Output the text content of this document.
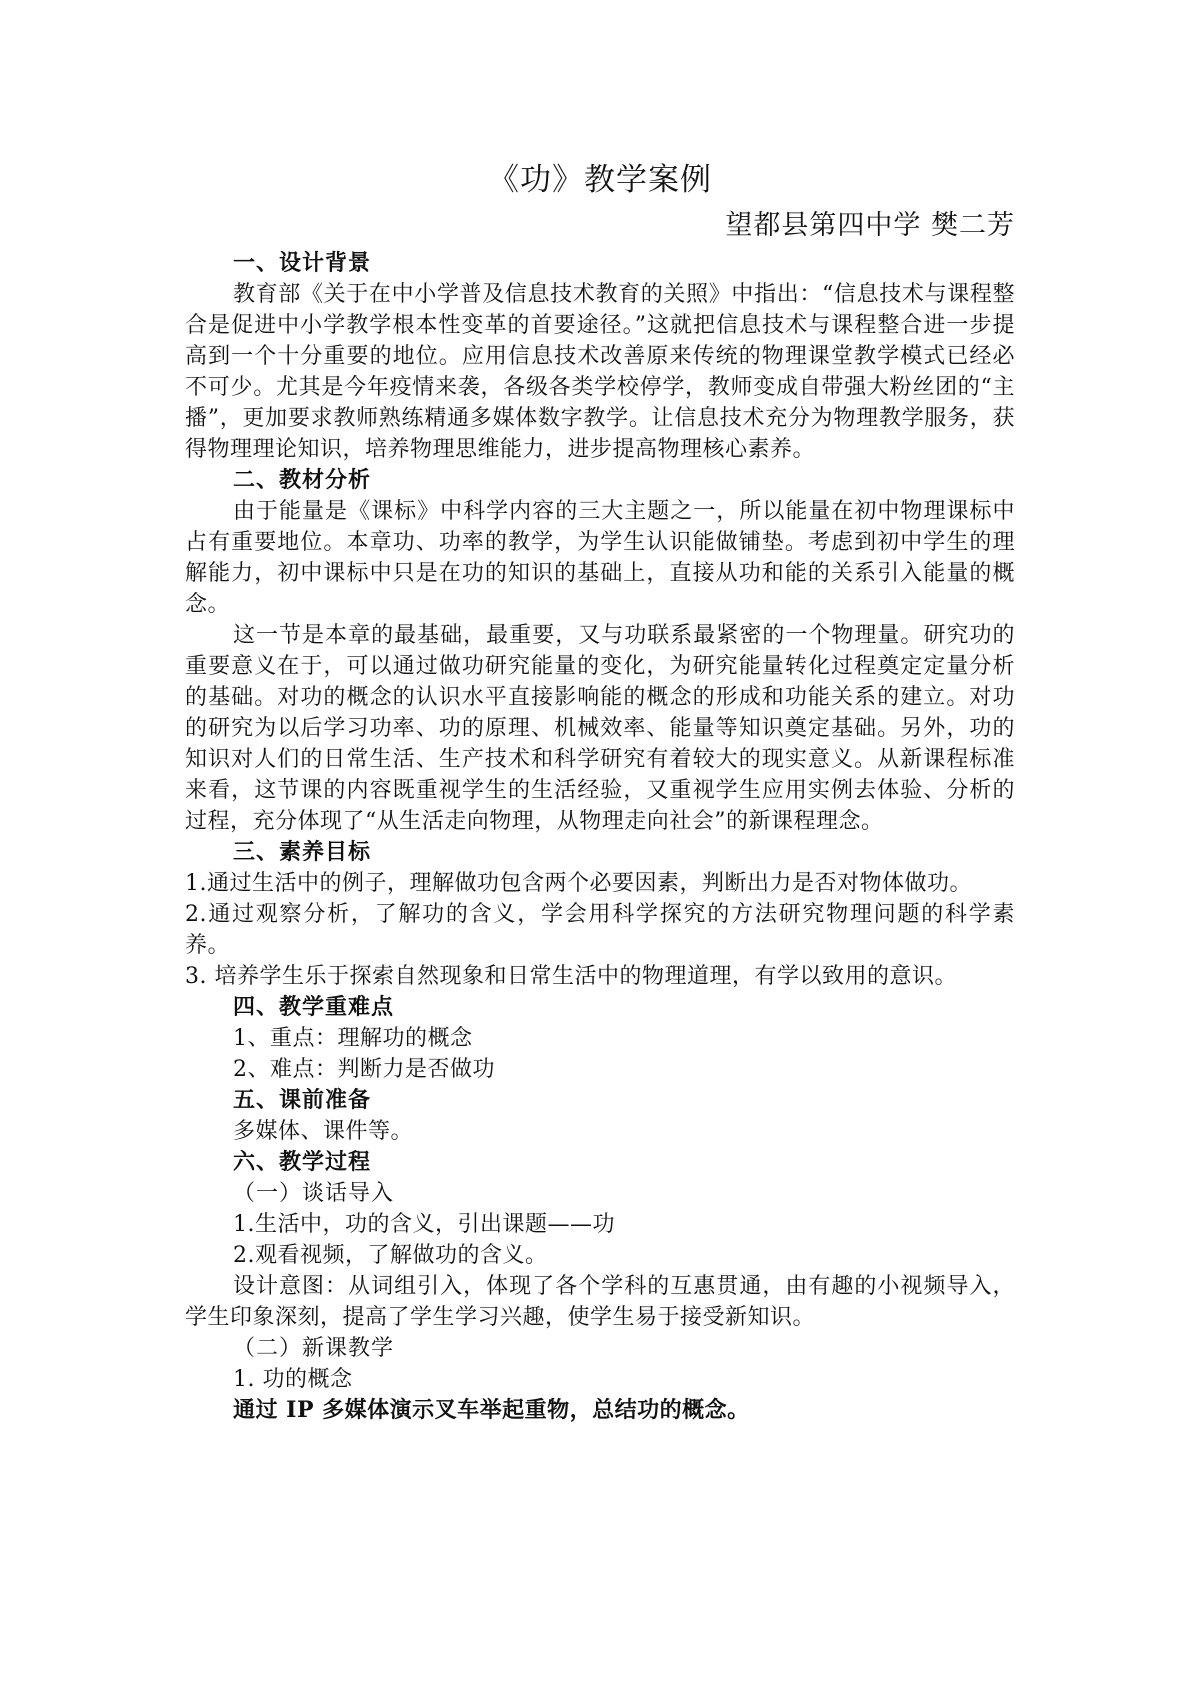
《功》教学案例

望都县第四中学 樊二芳

一、设计背景

教育部《关于在中小学普及信息技术教育的关照》中指出：“信息技术与课程整合是促进中小学教学根本性变革的首要途径。”这就把信息技术与课程整合进一步提高到一个十分重要的地位。应用信息技术改善原来传统的物理课堂教学模式已经必不可少。尤其是今年疫情来袭，各级各类学校停学，教师变成自带强大粉丝团的“主播”，更加要求教师熟练精通多媒体数字教学。让信息技术充分为物理教学服务，获得物理理论知识，培养物理思维能力，进步提高物理核心素养。

二、教材分析

由于能量是《课标》中科学内容的三大主题之一，所以能量在初中物理课标中占有重要地位。本章功、功率的教学，为学生认识能做铺垫。考虑到初中学生的理解能力，初中课标中只是在功的知识的基础上，直接从功和能的关系引入能量的概念。

这一节是本章的最基础，最重要，又与功联系最紧密的一个物理量。研究功的重要意义在于，可以通过做功研究能量的变化，为研究能量转化过程奠定定量分析的基础。对功的概念的认识水平直接影响能的概念的形成和功能关系的建立。对功的研究为以后学习功率、功的原理、机械效率、能量等知识奠定基础。另外，功的知识对人们的日常生活、生产技术和科学研究有着较大的现实意义。从新课程标准来看，这节课的内容既重视学生的生活经验，又重视学生应用实例去体验、分析的过程，充分体现了“从生活走向物理，从物理走向社会”的新课程理念。

三、素养目标

1.通过生活中的例子，理解做功包含两个必要因素，判断出力是否对物体做功。

2.通过观察分析，了解功的含义，学会用科学探究的方法研究物理问题的科学素养。

3. 培养学生乐于探索自然现象和日常生活中的物理道理，有学以致用的意识。

四、教学重难点

1、重点：理解功的概念

2、难点：判断力是否做功

五、课前准备

多媒体、课件等。

六、教学过程

（一）谈话导入

1.生活中，功的含义，引出课题——功

2.观看视频，了解做功的含义。

设计意图：从词组引入，体现了各个学科的互惠贯通，由有趣的小视频导入，学生印象深刻，提高了学生学习兴趣，使学生易于接受新知识。

（二）新课教学

1. 功的概念

通过 IP 多媒体演示叉车举起重物，总结功的概念。
